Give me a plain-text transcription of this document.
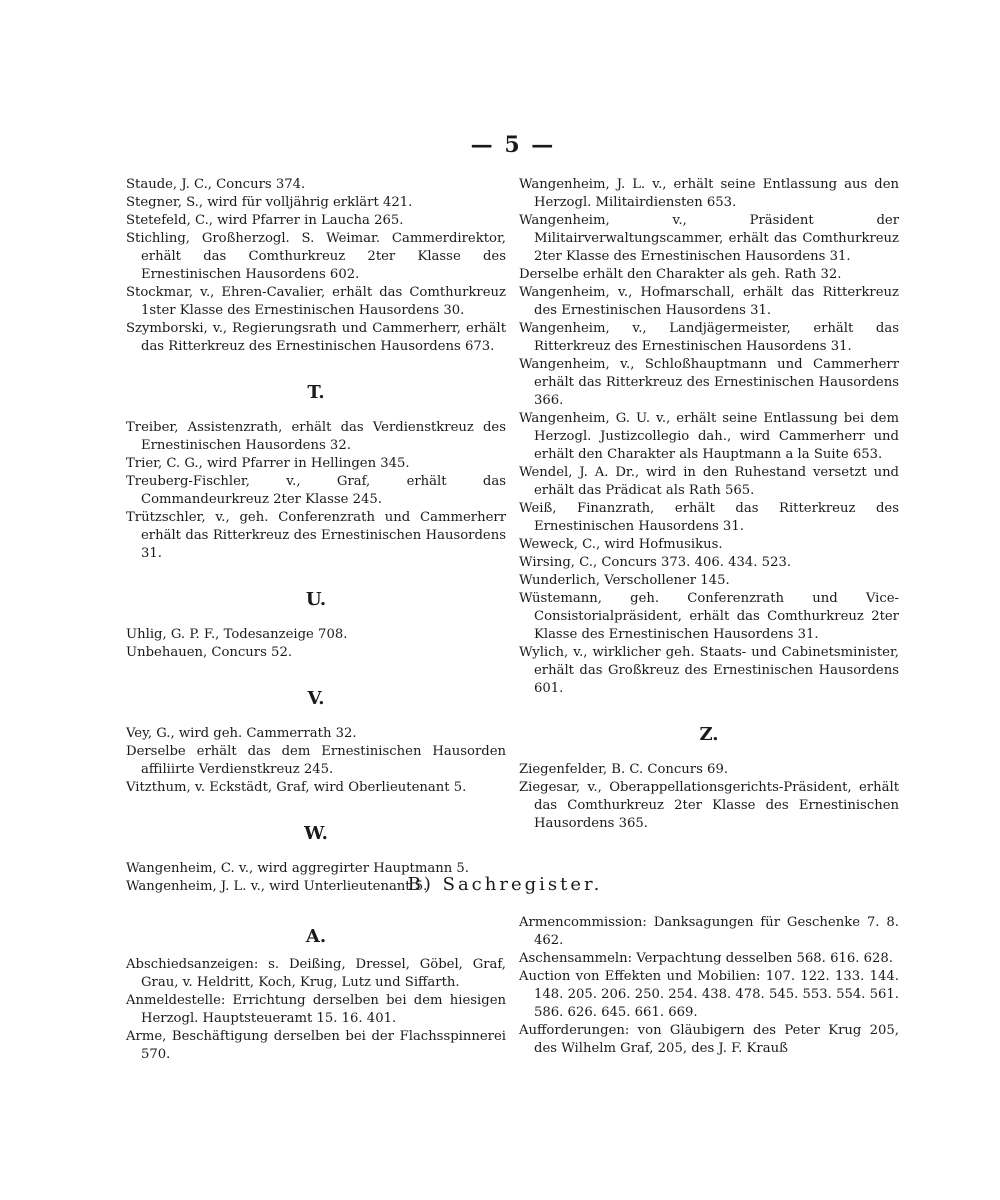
— 5 —

Staude, J. C., Concurs 374.

Stegner, S., wird für volljährig erklärt 421.

Stetefeld, C., wird Pfarrer in Laucha 265.

Stichling, Großherzogl. S. Weimar. Cammerdirektor, erhält das Comthurkreuz 2ter Klasse des Ernestinischen Hausordens 602.

Stockmar, v., Ehren-Cavalier, erhält das Comthurkreuz 1ster Klasse des Ernestinischen Hausordens 30.

Szymborski, v., Regierungsrath und Cammerherr, erhält das Ritterkreuz des Ernestinischen Hausordens 673.

T.

Treiber, Assistenzrath, erhält das Verdienstkreuz des Ernestinischen Hausordens 32.

Trier, C. G., wird Pfarrer in Hellingen 345.

Treuberg-Fischler, v., Graf, erhält das Commandeurkreuz 2ter Klasse 245.

Trützschler, v., geh. Conferenzrath und Cammerherr erhält das Ritterkreuz des Ernestinischen Hausordens 31.

U.

Uhlig, G. P. F., Todesanzeige 708.

Unbehauen, Concurs 52.

V.

Vey, G., wird geh. Cammerrath 32.

Derselbe erhält das dem Ernestinischen Hausorden affiliirte Verdienstkreuz 245.

Vitzthum, v. Eckstädt, Graf, wird Oberlieutenant 5.

W.

Wangenheim, C. v., wird aggregirter Hauptmann 5.

Wangenheim, J. L. v., wird Unterlieutenant 5.

Wangenheim, J. L. v., erhält seine Entlassung aus den Herzogl. Militairdiensten 653.

Wangenheim, v., Präsident der Militairverwaltungscammer, erhält das Comthurkreuz 2ter Klasse des Ernestinischen Hausordens 31.

Derselbe erhält den Charakter als geh. Rath 32.

Wangenheim, v., Hofmarschall, erhält das Ritterkreuz des Ernestinischen Hausordens 31.

Wangenheim, v., Landjägermeister, erhält das Ritterkreuz des Ernestinischen Hausordens 31.

Wangenheim, v., Schloßhauptmann und Cammerherr erhält das Ritterkreuz des Ernestinischen Hausordens 366.

Wangenheim, G. U. v., erhält seine Entlassung bei dem Herzogl. Justizcollegio dah., wird Cammerherr und erhält den Charakter als Hauptmann a la Suite 653.

Wendel, J. A. Dr., wird in den Ruhestand versetzt und erhält das Prädicat als Rath 565.

Weiß, Finanzrath, erhält das Ritterkreuz des Ernestinischen Hausordens 31.

Weweck, C., wird Hofmusikus.

Wirsing, C., Concurs 373. 406. 434. 523.

Wunderlich, Verschollener 145.

Wüstemann, geh. Conferenzrath und Vice-Consistorialpräsident, erhält das Comthurkreuz 2ter Klasse des Ernestinischen Hausordens 31.

Wylich, v., wirklicher geh. Staats- und Cabinetsminister, erhält das Großkreuz des Ernestinischen Hausordens 601.

Z.

Ziegenfelder, B. C. Concurs 69.

Ziegesar, v., Oberappellationsgerichts-Präsident, erhält das Comthurkreuz 2ter Klasse des Ernestinischen Hausordens 365.

B) Sachregister.
A.

Abschiedsanzeigen: s. Deißing, Dressel, Göbel, Graf, Grau, v. Heldritt, Koch, Krug, Lutz und Siffarth.

Anmeldestelle: Errichtung derselben bei dem hiesigen Herzogl. Hauptsteueramt 15. 16. 401.

Arme, Beschäftigung derselben bei der Flachsspinnerei 570.

Armencommission: Danksagungen für Geschenke 7. 8. 462.

Aschensammeln: Verpachtung desselben 568. 616. 628.

Auction von Effekten und Mobilien: 107. 122. 133. 144. 148. 205. 206. 250. 254. 438. 478. 545. 553. 554. 561. 586. 626. 645. 661. 669.

Aufforderungen: von Gläubigern des Peter Krug 205, des Wilhelm Graf, 205, des J. F. Krauß
